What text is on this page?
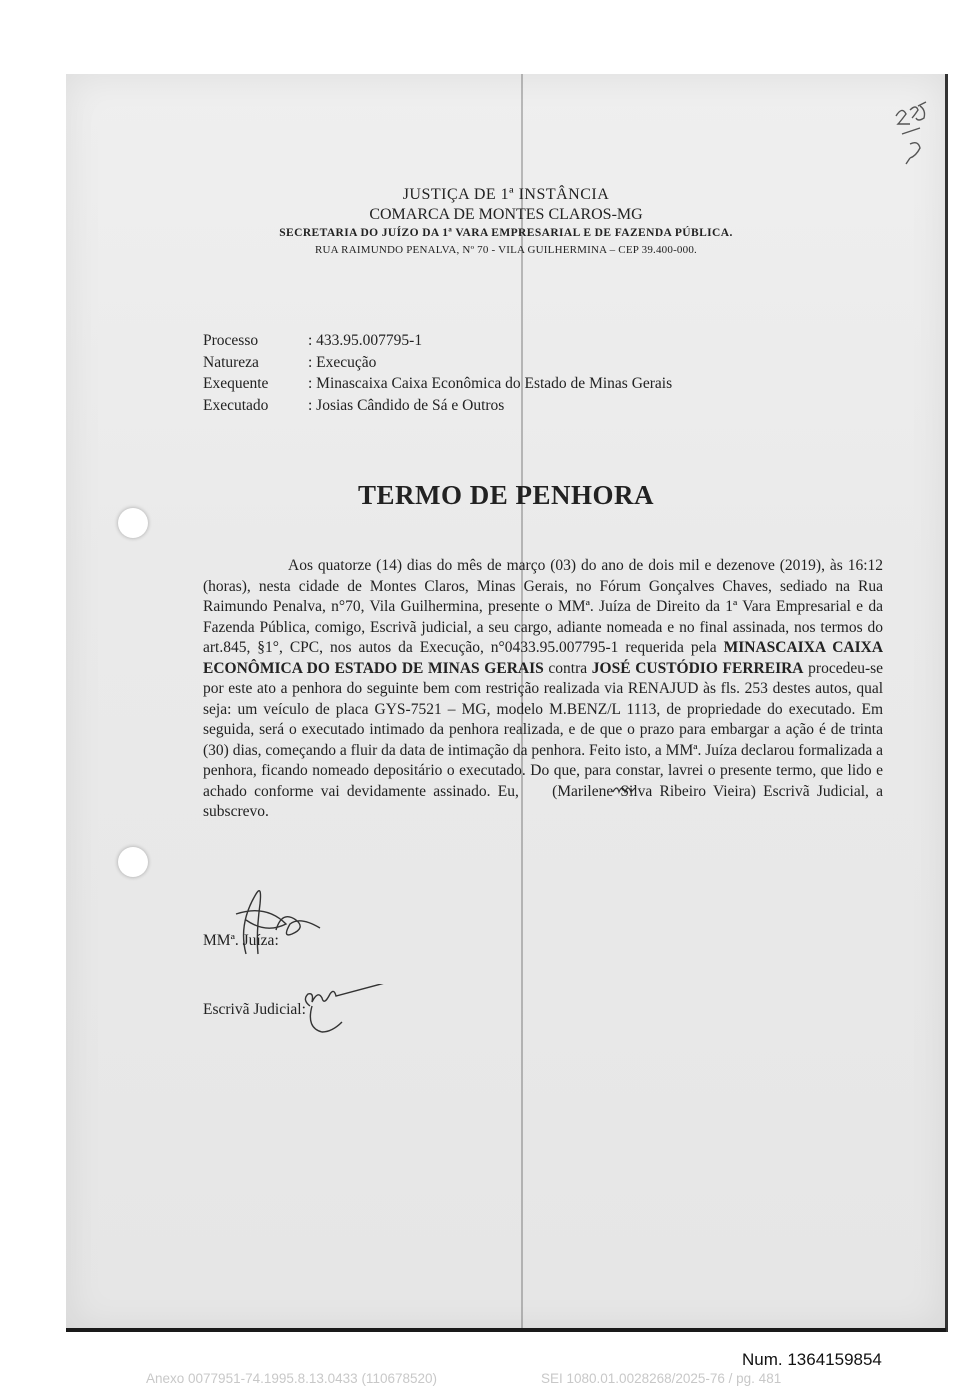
JUSTIÇA DE 1ª INSTÂNCIA
COMARCA DE MONTES CLAROS-MG
SECRETARIA DO JUÍZO DA 1ª VARA EMPRESARIAL E DE FAZENDA PÚBLICA.
RUA RAIMUNDO PENALVA, Nº 70 - VILA GUILHERMINA – CEP 39.400-000.
Processo	: 433.95.007795-1
Natureza	: Execução
Exequente	: Minascaixa Caixa Econômica do Estado de Minas Gerais
Executado	: Josias Cândido de Sá e Outros
TERMO DE PENHORA

Aos quatorze (14) dias do mês de março (03) do ano de dois mil e dezenove (2019), às 16:12 (horas), nesta cidade de Montes Claros, Minas Gerais, no Fórum Gonçalves Chaves, sediado na Rua Raimundo Penalva, n°70, Vila Guilhermina, presente o MMª. Juíza de Direito da 1ª Vara Empresarial e da Fazenda Pública, comigo, Escrivã judicial, a seu cargo, adiante nomeada e no final assinada, nos termos do art.845, §1°, CPC, nos autos da Execução, n°0433.95.007795-1 requerida pela MINASCAIXA CAIXA ECONÔMICA DO ESTADO DE MINAS GERAIS contra JOSÉ CUSTÓDIO FERREIRA procedeu-se por este ato a penhora do seguinte bem com restrição realizada via RENAJUD às fls. 253 destes autos, qual seja: um veículo de placa GYS-7521 – MG, modelo M.BENZ/L 1113, de propriedade do executado. Em seguida, será o executado intimado da penhora realizada, e de que o prazo para embargar a ação é de trinta (30) dias, começando a fluir da data de intimação da penhora. Feito isto, a MMª. Juíza declarou formalizada a penhora, ficando nomeado depositário o executado. Do que, para constar, lavrei o presente termo, que lido e achado conforme vai devidamente assinado. Eu, (Marilene Silva Ribeiro Vieira) Escrivã Judicial, a subscrevo.

MMª. Juíza:
Escrivã Judicial:
Num. 1364159854
Anexo 0077951-74.1995.8.13.0433 (110678520)	SEI 1080.01.0028268/2025-76 / pg. 481
